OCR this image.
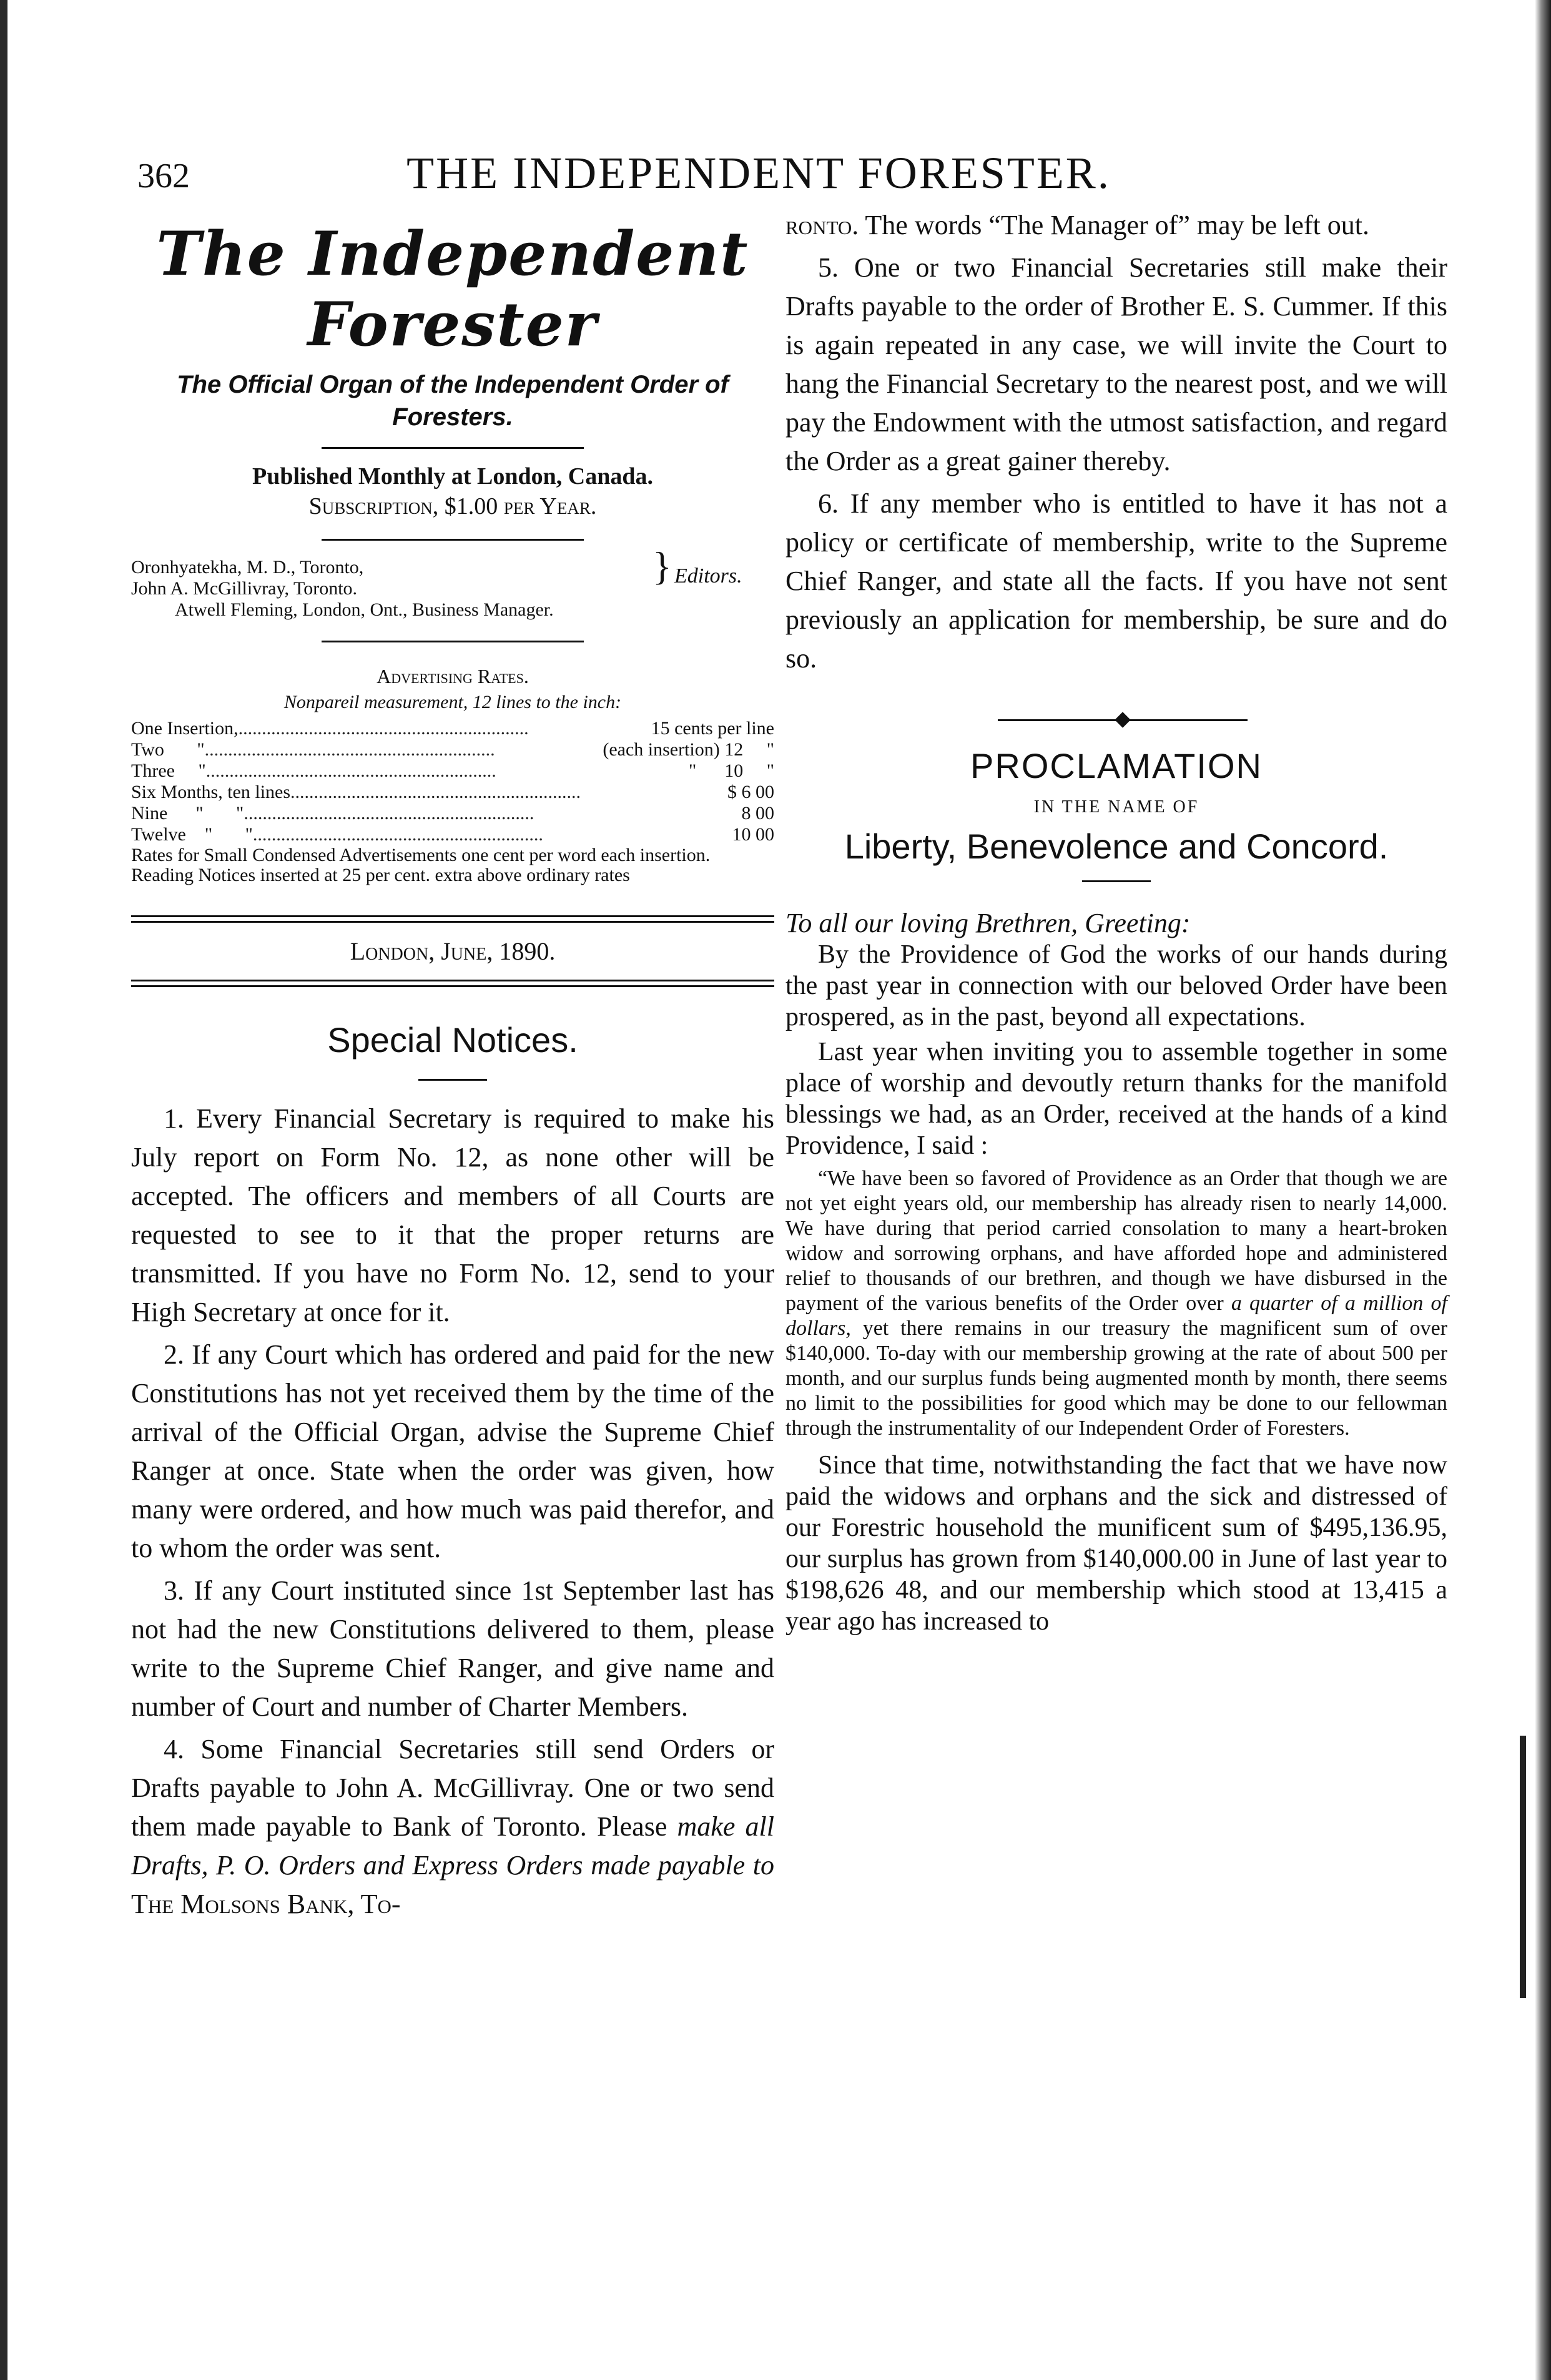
362	THE INDEPENDENT FORESTER.
The Independent Forester
The Official Organ of the Independent Order of Foresters.
Published Monthly at London, Canada.
Subscription, $1.00 per Year.
Oronhyatekha, M. D., Toronto,
John A. McGillivray, Toronto.
} Editors.
Atwell Fleming, London, Ont., Business Manager.
Advertising Rates.
Nonpareil measurement, 12 lines to the inch:
One Insertion, ..............................................................	15 cents per line
Two       " ..............................................................	(each insertion) 12     "
Three     " ..............................................................	"      10     "
Six Months, ten lines ..............................................................	$ 6 00
Nine      "       " ..............................................................	8 00
Twelve    "       " ..............................................................	10 00
Rates for Small Condensed Advertisements one cent per word each insertion.
Reading Notices inserted at 25 per cent. extra above ordinary rates
London, June, 1890.
Special Notices.

1. Every Financial Secretary is required to make his July report on Form No. 12, as none other will be accepted. The officers and members of all Courts are requested to see to it that the proper returns are transmitted. If you have no Form No. 12, send to your High Secretary at once for it.

2. If any Court which has ordered and paid for the new Constitutions has not yet received them by the time of the arrival of the Official Organ, advise the Supreme Chief Ranger at once. State when the order was given, how many were ordered, and how much was paid therefor, and to whom the order was sent.

3. If any Court instituted since 1st September last has not had the new Constitutions delivered to them, please write to the Supreme Chief Ranger, and give name and number of Court and number of Charter Members.

4. Some Financial Secretaries still send Orders or Drafts payable to John A. McGillivray. One or two send them made payable to Bank of Toronto. Please make all Drafts, P. O. Orders and Express Orders made payable to The Molsons Bank, To-

ronto. The words “The Manager of” may be left out.

5. One or two Financial Secretaries still make their Drafts payable to the order of Brother E. S. Cummer. If this is again repeated in any case, we will invite the Court to hang the Financial Secretary to the nearest post, and we will pay the Endowment with the utmost satisfaction, and regard the Order as a great gainer thereby.

6. If any member who is entitled to have it has not a policy or certificate of membership, write to the Supreme Chief Ranger, and state all the facts. If you have not sent previously an application for membership, be sure and do so.

PROCLAMATION
IN THE NAME OF
Liberty, Benevolence and Concord.
To all our loving Brethren, Greeting:

By the Providence of God the works of our hands during the past year in connection with our beloved Order have been prospered, as in the past, beyond all expectations.

Last year when inviting you to assemble together in some place of worship and devoutly return thanks for the manifold blessings we had, as an Order, received at the hands of a kind Providence, I said :

“We have been so favored of Providence as an Order that though we are not yet eight years old, our membership has already risen to nearly 14,000. We have during that period carried consolation to many a heart-broken widow and sorrowing orphans, and have afforded hope and administered relief to thousands of our brethren, and though we have disbursed in the payment of the various benefits of the Order over a quarter of a million of dollars, yet there remains in our treasury the magnificent sum of over $140,000. To-day with our membership growing at the rate of about 500 per month, and our surplus funds being augmented month by month, there seems no limit to the possibilities for good which may be done to our fellowman through the instrumentality of our Independent Order of Foresters.

Since that time, notwithstanding the fact that we have now paid the widows and orphans and the sick and distressed of our Forestric household the munificent sum of $495,136.95, our surplus has grown from $140,000.00 in June of last year to $198,626 48, and our membership which stood at 13,415 a year ago has increased to
